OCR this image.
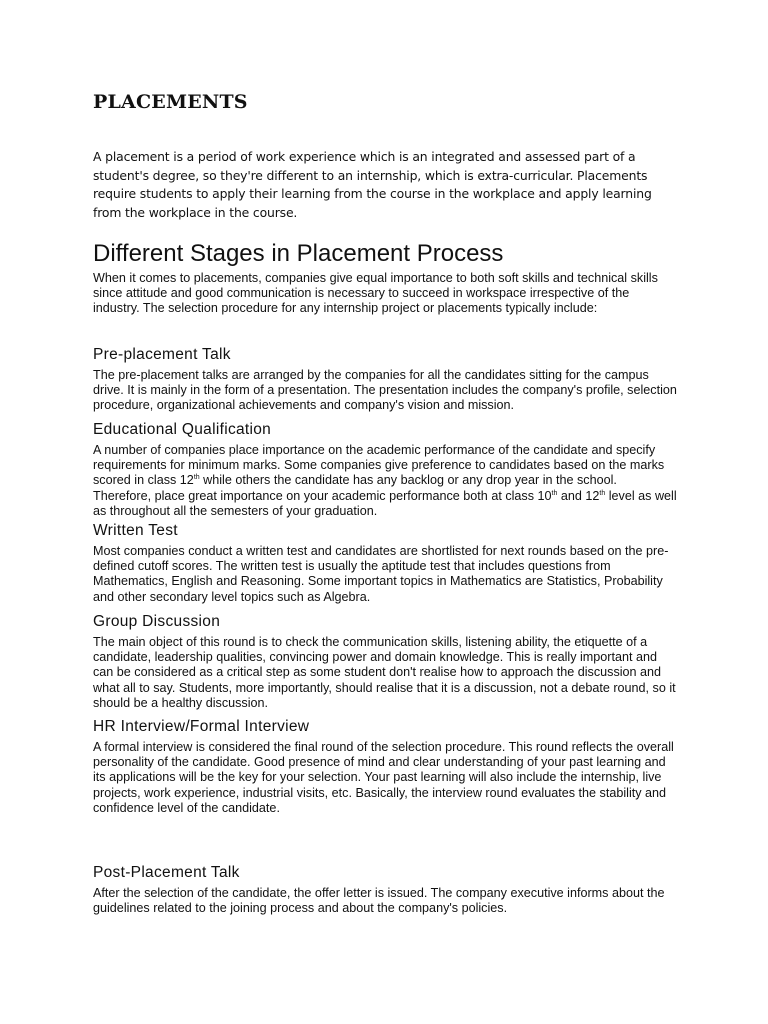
PLACEMENTS

A placement is a period of work experience which is an integrated and assessed part of a student's degree, so they're different to an internship, which is extra-curricular. Placements require students to apply their learning from the course in the workplace and apply learning from the workplace in the course.

Different Stages in Placement Process

When it comes to placements, companies give equal importance to both soft skills and technical skills since attitude and good communication is necessary to succeed in workspace irrespective of the industry. The selection procedure for any internship project or placements typically include:

Pre-placement Talk

The pre-placement talks are arranged by the companies for all the candidates sitting for the campus drive. It is mainly in the form of a presentation. The presentation includes the company's profile, selection procedure, organizational achievements and company's vision and mission.

Educational Qualification

A number of companies place importance on the academic performance of the candidate and specify requirements for minimum marks. Some companies give preference to candidates based on the marks scored in class 12th while others the candidate has any backlog or any drop year in the school. Therefore, place great importance on your academic performance both at class 10th and 12th level as well as throughout all the semesters of your graduation.

Written Test

Most companies conduct a written test and candidates are shortlisted for next rounds based on the pre-defined cutoff scores. The written test is usually the aptitude test that includes questions from Mathematics, English and Reasoning. Some important topics in Mathematics are Statistics, Probability and other secondary level topics such as Algebra.

Group Discussion

The main object of this round is to check the communication skills, listening ability, the etiquette of a candidate, leadership qualities, convincing power and domain knowledge. This is really important and can be considered as a critical step as some student don't realise how to approach the discussion and what all to say. Students, more importantly, should realise that it is a discussion, not a debate round, so it should be a healthy discussion.

HR Interview/Formal Interview

A formal interview is considered the final round of the selection procedure. This round reflects the overall personality of the candidate. Good presence of mind and clear understanding of your past learning and its applications will be the key for your selection. Your past learning will also include the internship, live projects, work experience, industrial visits, etc. Basically, the interview round evaluates the stability and confidence level of the candidate.

Post-Placement Talk

After the selection of the candidate, the offer letter is issued. The company executive informs about the guidelines related to the joining process and about the company's policies.
